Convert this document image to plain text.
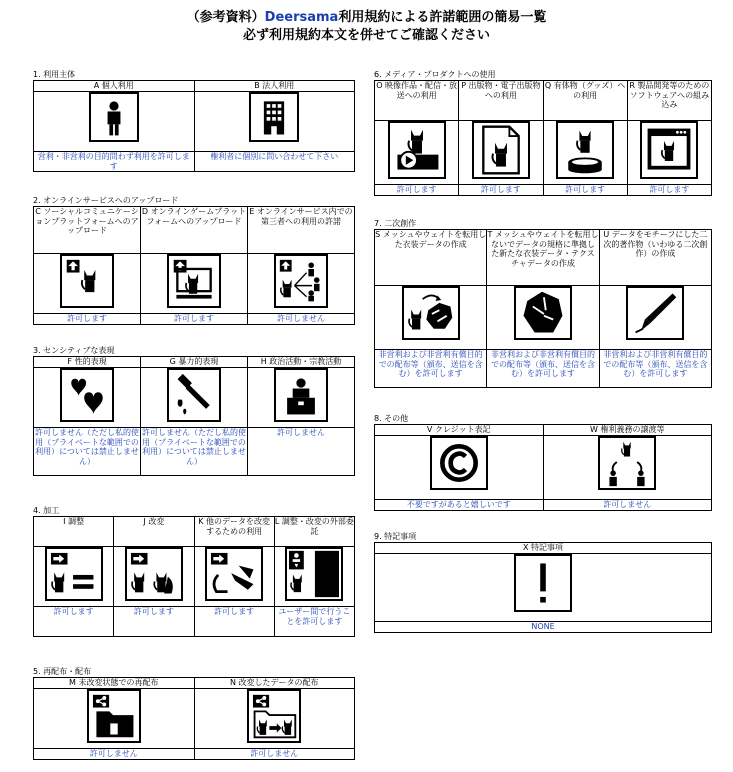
（参考資料）Deersama利用規約による許諾範囲の簡易一覧
必ず利用規約本文を併せてご確認ください
1. 利用主体
A 個人利用	B 法人利用

営利・非営利の目的問わず利用を許可します	権利者に個別に問い合わせて下さい
2. オンラインサービスへのアップロード
C ソーシャルコミュニケーションプラットフォームへのアップロード	D オンラインゲームプラットフォームへのアップロード	E オンラインサービス内での第三者への利用の許諾

許可します	許可します	許可しません
3. センシティブな表現
F 性的表現	G 暴力的表現	H 政治活動・宗教活動

許可しません（ただし私的使用（プライベートな範囲での利用）については禁止しません）	許可しません（ただし私的使用（プライベートな範囲での利用）については禁止しません）	許可しません
4. 加工
I 調整	J 改変	K 他のデータを改変するための利用	L 調整・改変の外部委託

許可します	許可します	許可します	ユーザー間で行うことを許可します
5. 再配布・配布
M 未改変状態での再配布	N 改変したデータの配布

許可しません	許可しません
6. メディア・プロダクトへの使用
O 映像作品・配信・放送への利用	P 出版物・電子出版物への利用	Q 有体物（グッズ）への利用	R 製品開発等のためのソフトウェアへの組み込み

許可します	許可します	許可します	許可します
7. 二次創作
S メッシュやウェイトを転用した衣装データの作成	T メッシュやウェイトを転用しないでデータの規格に準拠した新たな衣装データ・テクスチャデータの作成	U データをモチーフにした二次的著作物（いわゆる二次創作）の作成

非営利および非営利有償目的での配布等（頒布、送信を含む）を許可します	非営利および非営利有償目的での配布等（頒布、送信を含む）を許可します	非営利および非営利有償目的での配布等（頒布、送信を含む）を許可します
8. その他
V クレジット表記	W 権利義務の譲渡等

不要ですがあると嬉しいです	許可しません
9. 特記事項
X 特記事項

NONE
